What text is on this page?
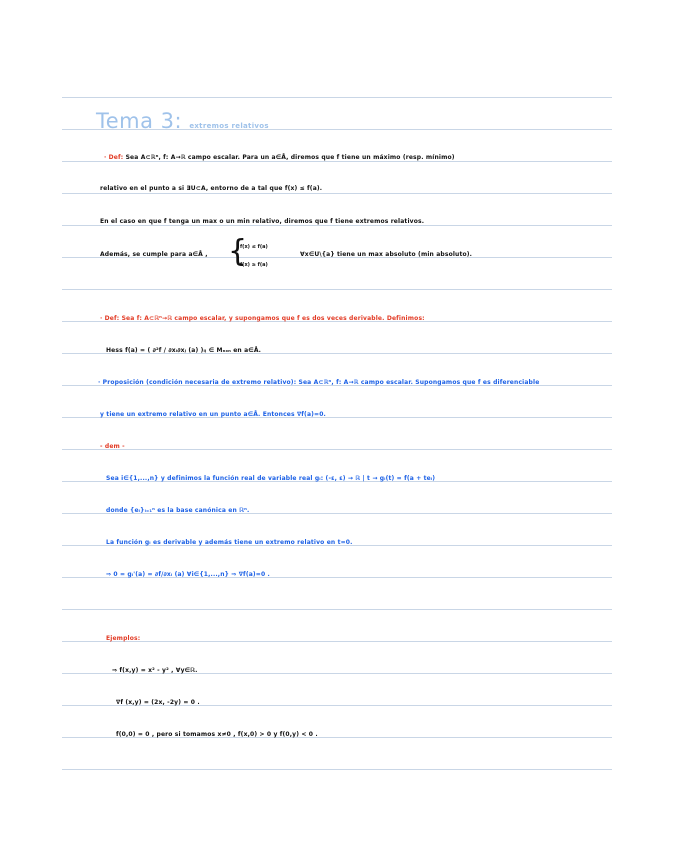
Tema 3: extremos relativos
· Def: Sea A⊂ℝⁿ, f: A→ℝ campo escalar. Para un a∈Å, diremos que f tiene un máximo (resp. mínimo)
relativo en el punto a si ∃U⊂A, entorno de a tal que f(x) ≤ f(a).
En el caso en que f tenga un max o un min relativo, diremos que f tiene extremos relativos.
Además, se cumple para a∈Å , {
f(x) ≤ f(a)
f(x) ≥ f(a)
∀x∈U\{a} tiene un max absoluto (min absoluto).
· Def: Sea f: A⊂ℝⁿ→ℝ campo escalar, y supongamos que f es dos veces derivable. Definimos:
Hess f(a) = ( ∂²f / ∂xᵢ∂xⱼ (a) )ᵢⱼ ∈ Mₙₓₙ en a∈Å.
· Proposición (condición necesaria de extremo relativo): Sea A⊂ℝⁿ, f: A→ℝ campo escalar. Supongamos que f es diferenciable
y tiene un extremo relativo en un punto a∈Å. Entonces ∇f(a)=0.
- dem -
Sea i∈{1,...,n} y definimos la función real de variable real gᵢ: (-ε, ε) → ℝ | t → gᵢ(t) = f(a + teᵢ)
donde {eᵢ}ᵢ₌₁ⁿ es la base canónica en ℝⁿ.
La función gᵢ es derivable y además tiene un extremo relativo en t=0.
⇒ 0 = gᵢ'(a) = ∂f/∂xᵢ (a) ∀i∈{1,...,n} ⇒ ∇f(a)=0 .
Ejemplos:
⇒ f(x,y) = x² - y² , ∀y∈ℝ.
∇f (x,y) = (2x, -2y) = 0 .
f(0,0) = 0 , pero si tomamos x≠0 , f(x,0) > 0 y f(0,y) < 0 .
